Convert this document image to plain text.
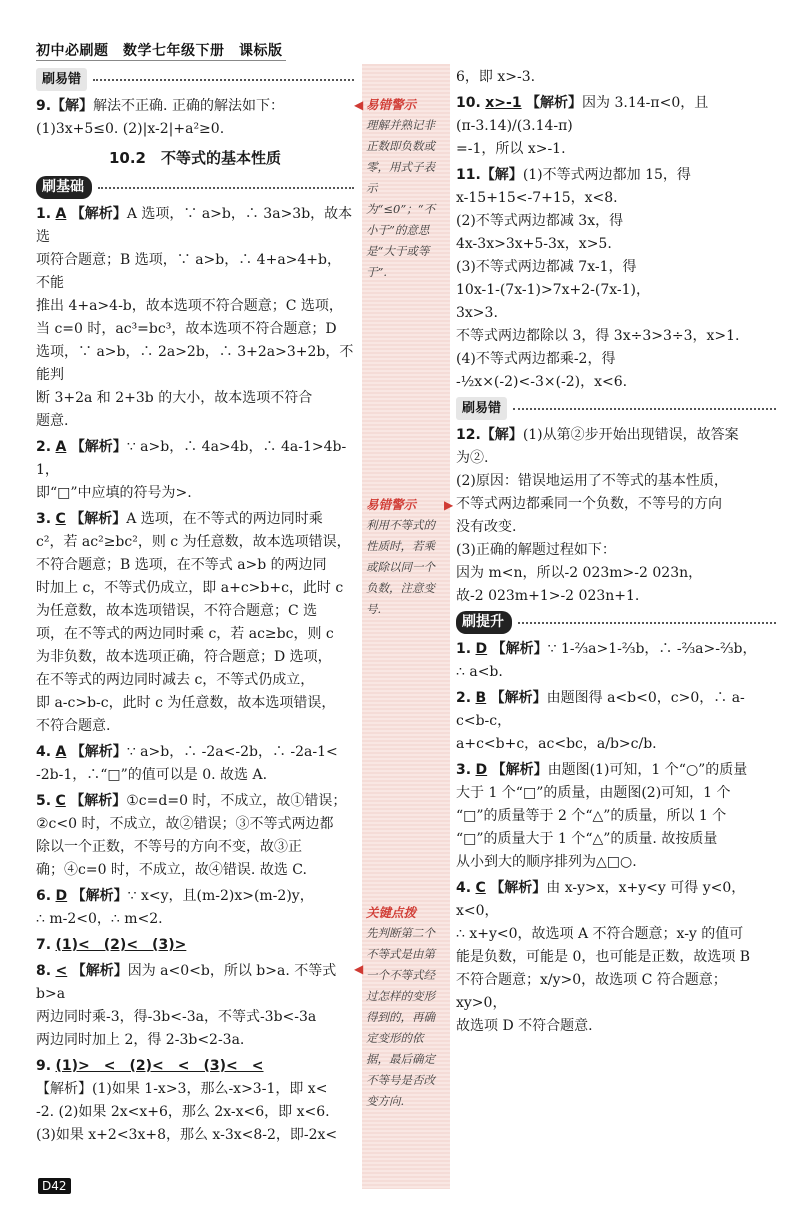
初中必刷题　数学七年级下册　课标版
刷易错
9.【解】解法不正确. 正确的解法如下：

(1)3x+5≤0. (2)|x-2|+a²≥0.

10.2　不等式的基本性质
刷基础
1. A 【解析】A 选项，∵ a>b，∴ 3a>3b，故本选

项符合题意；B 选项，∵ a>b，∴ 4+a>4+b，不能

推出 4+a>4-b，故本选项不符合题意；C 选项，

当 c=0 时，ac³=bc³，故本选项不符合题意；D

选项，∵ a>b，∴ 2a>2b，∴ 3+2a>3+2b，不能判

断 3+2a 和 2+3b 的大小，故本选项不符合

题意.

2. A 【解析】∵ a>b，∴ 4a>4b，∴ 4a-1>4b-1，

即“□”中应填的符号为>.

3. C 【解析】A 选项，在不等式的两边同时乘

c²，若 ac²≥bc²，则 c 为任意数，故本选项错误，

不符合题意；B 选项，在不等式 a>b 的两边同

时加上 c，不等式仍成立，即 a+c>b+c，此时 c

为任意数，故本选项错误，不符合题意；C 选

项，在不等式的两边同时乘 c，若 ac≥bc，则 c

为非负数，故本选项正确，符合题意；D 选项，

在不等式的两边同时减去 c，不等式仍成立，

即 a-c>b-c，此时 c 为任意数，故本选项错误，

不符合题意.

4. A 【解析】∵ a>b，∴ -2a<-2b，∴ -2a-1<

-2b-1，∴“□”的值可以是 0. 故选 A.

5. C 【解析】①c=d=0 时，不成立，故①错误；

②c<0 时，不成立，故②错误；③不等式两边都

除以一个正数，不等号的方向不变，故③正

确；④c=0 时，不成立，故④错误. 故选 C.

6. D 【解析】∵ x<y，且(m-2)x>(m-2)y，

∴ m-2<0，∴ m<2.

7. (1)<　(2)<　(3)>
8. < 【解析】因为 a<0<b，所以 b>a. 不等式 b>a

两边同时乘-3，得-3b<-3a，不等式-3b<-3a

两边同时加上 2，得 2-3b<2-3a.

9. (1)>　<　(2)<　<　(3)<　<

【解析】(1)如果 1-x>3，那么-x>3-1，即 x<

-2. (2)如果 2x<x+6，那么 2x-x<6，即 x<6.

(3)如果 x+2<3x+8，那么 x-3x<8-2，即-2x<

易错警示
理解并熟记非正数即负数或零，用式子表示为“≤0”；“不小于”的意思是“大于或等于”.
易错警示
利用不等式的性质时，若乘或除以同一个负数，注意变号.
关键点拨
先判断第二个不等式是由第一个不等式经过怎样的变形得到的，再确定变形的依据，最后确定不等号是否改变方向.
◀
▶
◀

6，即 x>-3.

10. x>-1 【解析】因为 3.14-π<0，且(π-3.14)/(3.14-π)

=-1，所以 x>-1.

11.【解】(1)不等式两边都加 15，得

x-15+15<-7+15，x<8.

(2)不等式两边都减 3x，得

4x-3x>3x+5-3x，x>5.

(3)不等式两边都减 7x-1，得

10x-1-(7x-1)>7x+2-(7x-1)，

3x>3.

不等式两边都除以 3，得 3x÷3>3÷3，x>1.

(4)不等式两边都乘-2，得

-½x×(-2)<-3×(-2)，x<6.

刷易错
12.【解】(1)从第②步开始出现错误，故答案

为②.

(2)原因：错误地运用了不等式的基本性质，

不等式两边都乘同一个负数，不等号的方向

没有改变.

(3)正确的解题过程如下：

因为 m<n，所以-2 023m>-2 023n，

故-2 023m+1>-2 023n+1.

刷提升
1. D 【解析】∵ 1-⅔a>1-⅔b，∴ -⅔a>-⅔b，

∴ a<b.

2. B 【解析】由题图得 a<b<0，c>0，∴ a-c<b-c，

a+c<b+c，ac<bc，a/b>c/b.

3. D 【解析】由题图(1)可知，1 个“○”的质量

大于 1 个“□”的质量，由题图(2)可知，1 个

“□”的质量等于 2 个“△”的质量，所以 1 个

“□”的质量大于 1 个“△”的质量. 故按质量

从小到大的顺序排列为△□○.

4. C 【解析】由 x-y>x，x+y<y 可得 y<0，x<0，

∴ x+y<0，故选项 A 不符合题意；x-y 的值可

能是负数，可能是 0，也可能是正数，故选项 B

不符合题意；x/y>0，故选项 C 符合题意；xy>0，

故选项 D 不符合题意.

D42
